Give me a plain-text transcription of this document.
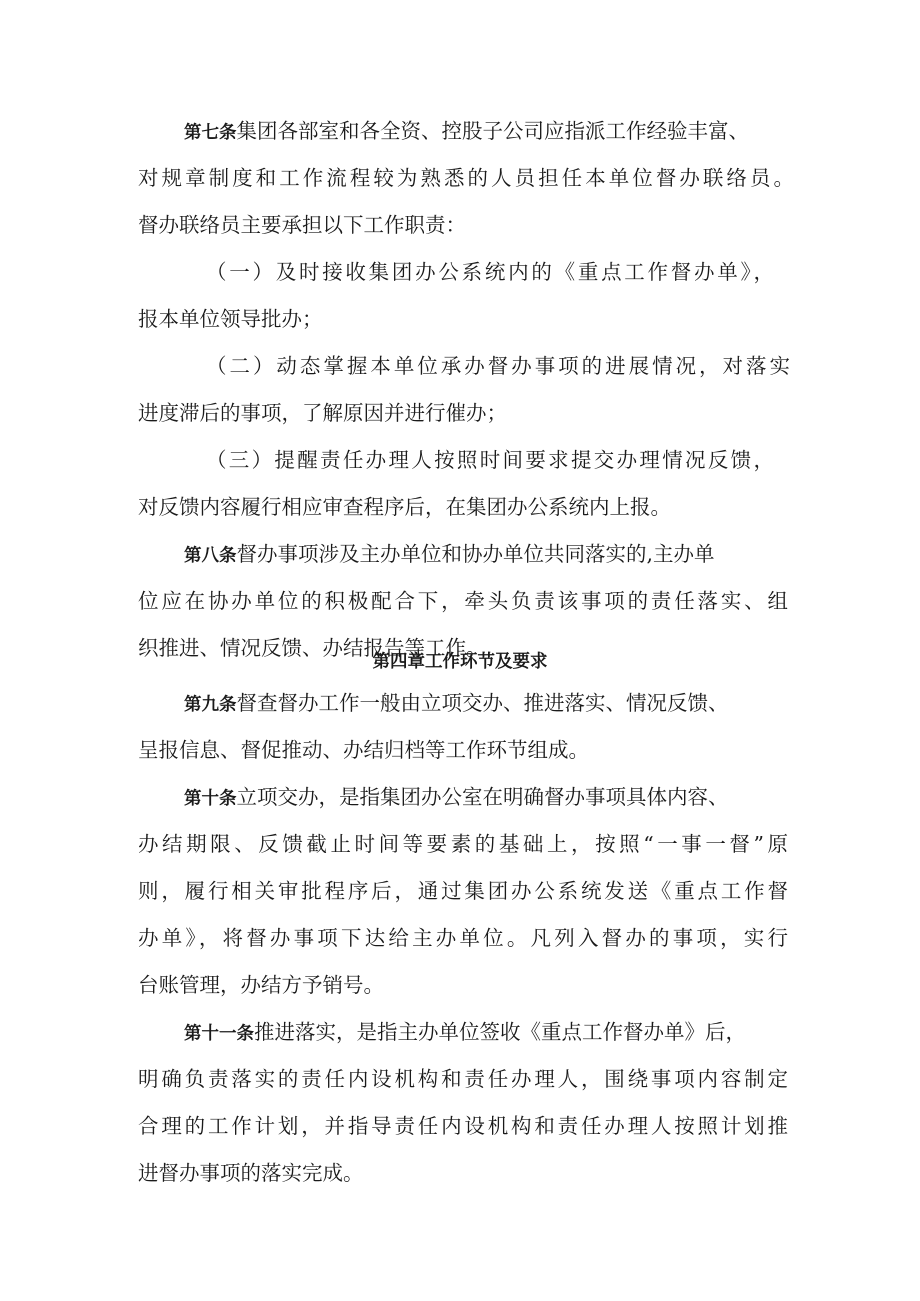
第七条集团各部室和各全资、控股子公司应指派工作经验丰富、
对规章制度和工作流程较为熟悉的人员担任本单位督办联络员。
督办联络员主要承担以下工作职责：
（一）及时接收集团办公系统内的《重点工作督办单》，
报本单位领导批办；
（二）动态掌握本单位承办督办事项的进展情况，对落实
进度滞后的事项，了解原因并进行催办；
（三）提醒责任办理人按照时间要求提交办理情况反馈，
对反馈内容履行相应审查程序后，在集团办公系统内上报。
第八条督办事项涉及主办单位和协办单位共同落实的,主办单
位应在协办单位的积极配合下，牵头负责该事项的责任落实、组
织推进、情况反馈、办结报告等工作。
第四章工作环节及要求
第九条督查督办工作一般由立项交办、推进落实、情况反馈、
呈报信息、督促推动、办结归档等工作环节组成。
第十条立项交办，是指集团办公室在明确督办事项具体内容、
办结期限、反馈截止时间等要素的基础上，按照“一事一督”原
则，履行相关审批程序后，通过集团办公系统发送《重点工作督
办单》，将督办事项下达给主办单位。凡列入督办的事项，实行
台账管理，办结方予销号。
第十一条推进落实，是指主办单位签收《重点工作督办单》后，
明确负责落实的责任内设机构和责任办理人，围绕事项内容制定
合理的工作计划，并指导责任内设机构和责任办理人按照计划推
进督办事项的落实完成。
